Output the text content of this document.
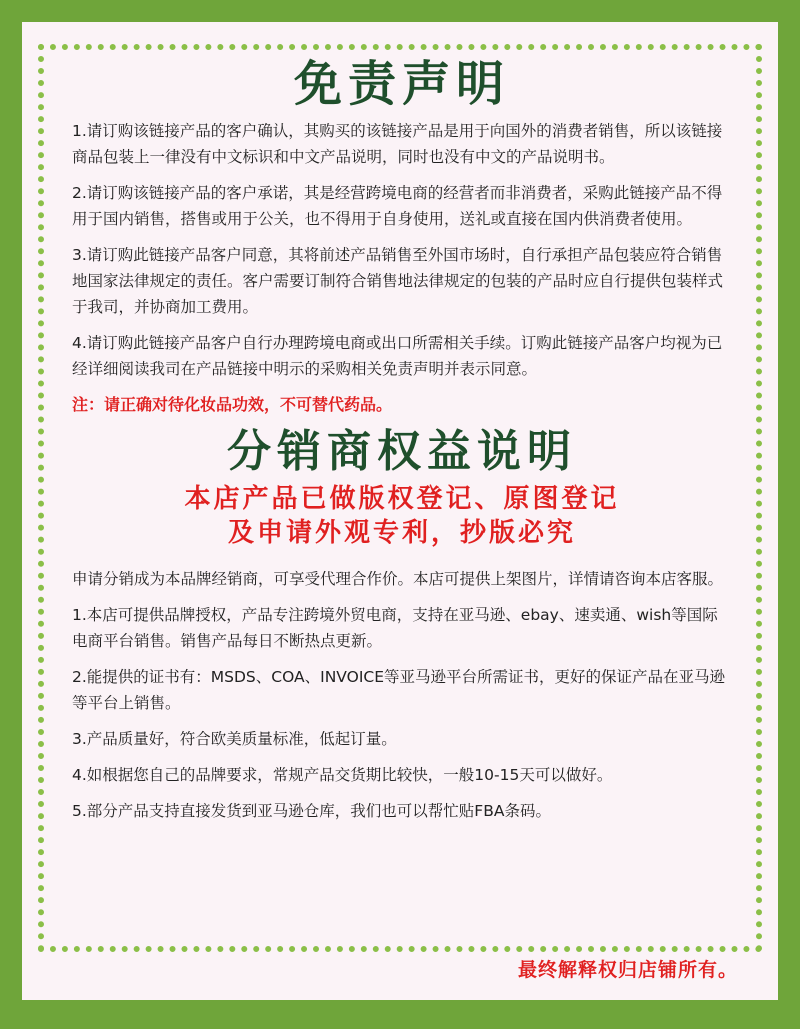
免责声明

1.请订购该链接产品的客户确认，其购买的该链接产品是用于向国外的消费者销售，所以该链接商品包装上一律没有中文标识和中文产品说明，同时也没有中文的产品说明书。

2.请订购该链接产品的客户承诺，其是经营跨境电商的经营者而非消费者，采购此链接产品不得用于国内销售，搭售或用于公关，也不得用于自身使用，送礼或直接在国内供消费者使用。

3.请订购此链接产品客户同意，其将前述产品销售至外国市场时，自行承担产品包装应符合销售地国家法律规定的责任。客户需要订制符合销售地法律规定的包装的产品时应自行提供包装样式于我司，并协商加工费用。

4.请订购此链接产品客户自行办理跨境电商或出口所需相关手续。订购此链接产品客户均视为已经详细阅读我司在产品链接中明示的采购相关免责声明并表示同意。

注：请正确对待化妆品功效，不可替代药品。

分销商权益说明
本店产品已做版权登记、原图登记
及申请外观专利，抄版必究

申请分销成为本品牌经销商，可享受代理合作价。本店可提供上架图片，详情请咨询本店客服。

1.本店可提供品牌授权，产品专注跨境外贸电商，支持在亚马逊、ebay、速卖通、wish等国际电商平台销售。销售产品每日不断热点更新。

2.能提供的证书有：MSDS、COA、INVOICE等亚马逊平台所需证书，更好的保证产品在亚马逊等平台上销售。

3.产品质量好，符合欧美质量标准，低起订量。

4.如根据您自己的品牌要求，常规产品交货期比较快，一般10-15天可以做好。

5.部分产品支持直接发货到亚马逊仓库，我们也可以帮忙贴FBA条码。

最终解释权归店铺所有。
